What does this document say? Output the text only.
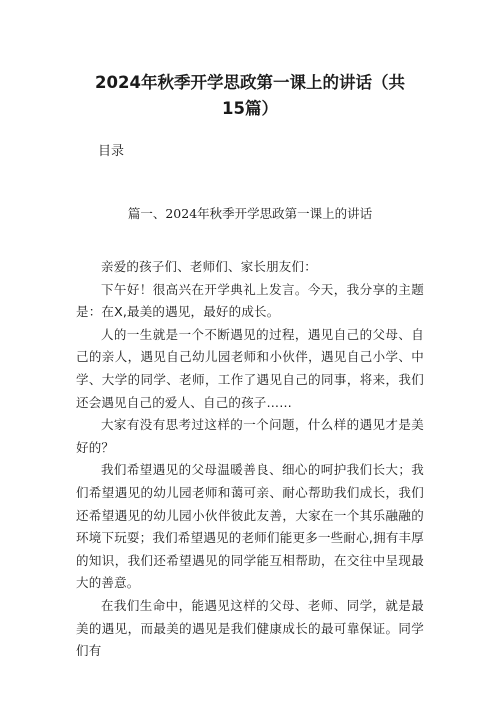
2024年秋季开学思政第一课上的讲话（共
15篇）
目录
篇一、2024年秋季开学思政第一课上的讲话

亲爱的孩子们、老师们、家长朋友们：

下午好！很高兴在开学典礼上发言。今天，我分享的主题是：在X,最美的遇见，最好的成长。

人的一生就是一个不断遇见的过程，遇见自己的父母、自己的亲人，遇见自己幼儿园老师和小伙伴，遇见自己小学、中学、大学的同学、老师，工作了遇见自己的同事，将来，我们还会遇见自己的爱人、自己的孩子……

大家有没有思考过这样的一个问题，什么样的遇见才是美好的？

我们希望遇见的父母温暖善良、细心的呵护我们长大；我们希望遇见的幼儿园老师和蔼可亲、耐心帮助我们成长，我们还希望遇见的幼儿园小伙伴彼此友善，大家在一个其乐融融的环境下玩耍；我们希望遇见的老师们能更多一些耐心,拥有丰厚的知识，我们还希望遇见的同学能互相帮助，在交往中呈现最大的善意。

在我们生命中，能遇见这样的父母、老师、同学，就是最美的遇见，而最美的遇见是我们健康成长的最可靠保证。同学们有
